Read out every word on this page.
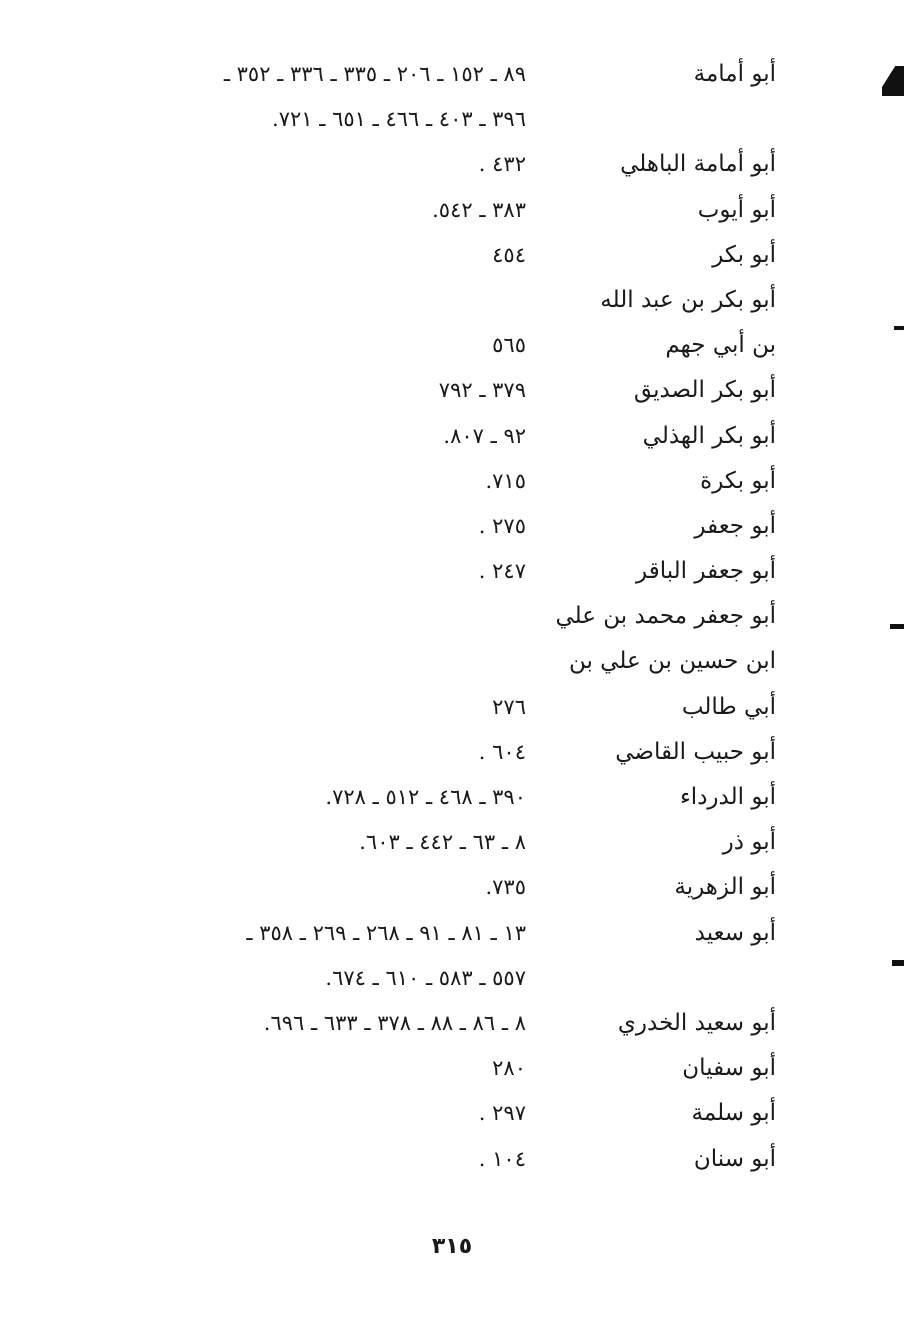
أبو أمامة
٨٩ ـ ١٥٢ ـ ٢٠٦ ـ ٣٣٥ ـ ٣٣٦ ـ ٣٥٢ ـ
٣٩٦ ـ ٤٠٣ ـ ٤٦٦ ـ ٦٥١ ـ ٧٢١.
أبو أمامة الباهلي
٤٣٢ .
أبو أيوب
٣٨٣ ـ ٥٤٢.
أبو بكر
٤٥٤
أبو بكر بن عبد الله
بن أبي جهم
٥٦٥
أبو بكر الصديق
٣٧٩ ـ ٧٩٢
أبو بكر الهذلي
٩٢ ـ ٨٠٧.
أبو بكرة
٧١٥.
أبو جعفر
٢٧٥ .
أبو جعفر الباقر
٢٤٧ .
أبو جعفر محمد بن علي
ابن حسين بن علي بن
أبي طالب
٢٧٦
أبو حبيب القاضي
٦٠٤ .
أبو الدرداء
٣٩٠ ـ ٤٦٨ ـ ٥١٢ ـ ٧٢٨.
أبو ذر
٨ ـ ٦٣ ـ ٤٤٢ ـ ٦٠٣.
أبو الزهرية
٧٣٥.
أبو سعيد
١٣ ـ ٨١ ـ ٩١ ـ ٢٦٨ ـ ٢٦٩ ـ ٣٥٨ ـ
٥٥٧ ـ ٥٨٣ ـ ٦١٠ ـ ٦٧٤.
أبو سعيد الخدري
٨ ـ ٨٦ ـ ٨٨ ـ ٣٧٨ ـ ٦٣٣ ـ ٦٩٦.
أبو سفيان
٢٨٠
أبو سلمة
٢٩٧ .
أبو سنان
١٠٤ .
٣١٥
